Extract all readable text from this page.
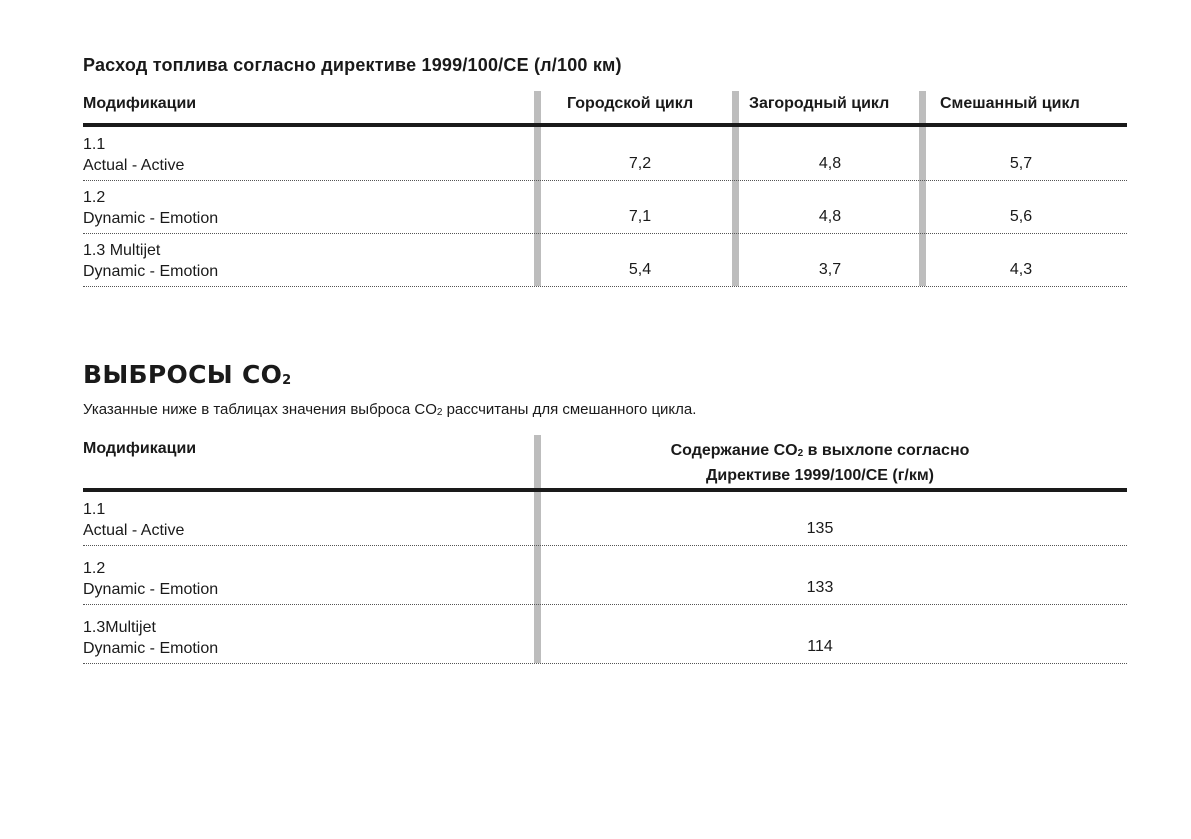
Расход топлива согласно директиве 1999/100/CE (л/100 км)
Модификации	Городской цикл	Загородный цикл	Смешанный цикл
1.1
Actual - Active	7,2	4,8	5,7
1.2
Dynamic - Emotion	7,1	4,8	5,6
1.3 Multijet
Dynamic - Emotion	5,4	3,7	4,3
ВЫБРОСЫ $CO_2$
Указанные ниже в таблицах значения выброса $CO_2$ рассчитаны для смешанного цикла.
Модификации	Содержание $CO_2$ в выхлопе согласно
Директиве 1999/100/CE (г/км)
1.1
Actual - Active	135
1.2
Dynamic - Emotion	133
1.3Multijet
Dynamic - Emotion	114
